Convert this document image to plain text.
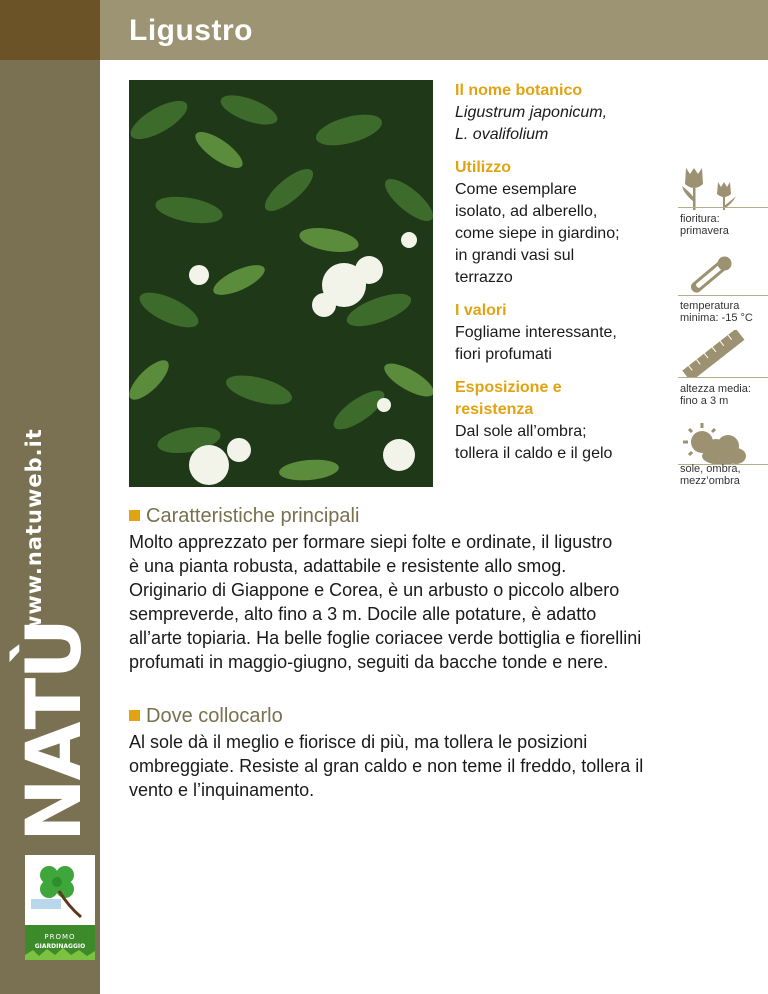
www.natuweb.it
NATÙ
PROMO
GIARDINAGGIO
Ligustro
Il nome botanico
Ligustrum japonicum,
L. ovalifolium
Utilizzo
Come esemplare
isolato, ad alberello,
come siepe in giardino;
in grandi vasi sul
terrazzo
I valori
Fogliame interessante,
fiori profumati
Esposizione e
resistenza
Dal sole all’ombra;
tollera il caldo e il gelo
fioritura:
primavera
temperatura
minima: -15 °C
altezza media:
fino a 3 m
sole, ombra,
mezz’ombra
Caratteristiche principali
Molto apprezzato per formare siepi folte e ordinate, il ligustro
è una pianta robusta, adattabile e resistente allo smog.
Originario di Giappone e Corea, è un arbusto o piccolo albero
sempreverde, alto fino a 3 m. Docile alle potature, è adatto
all’arte topiaria. Ha belle foglie coriacee verde bottiglia e fiorellini
profumati in maggio-giugno, seguiti da bacche tonde e nere.
Dove collocarlo
Al sole dà il meglio e fiorisce di più, ma tollera le posizioni
ombreggiate. Resiste al gran caldo e non teme il freddo, tollera il
vento e l’inquinamento.
